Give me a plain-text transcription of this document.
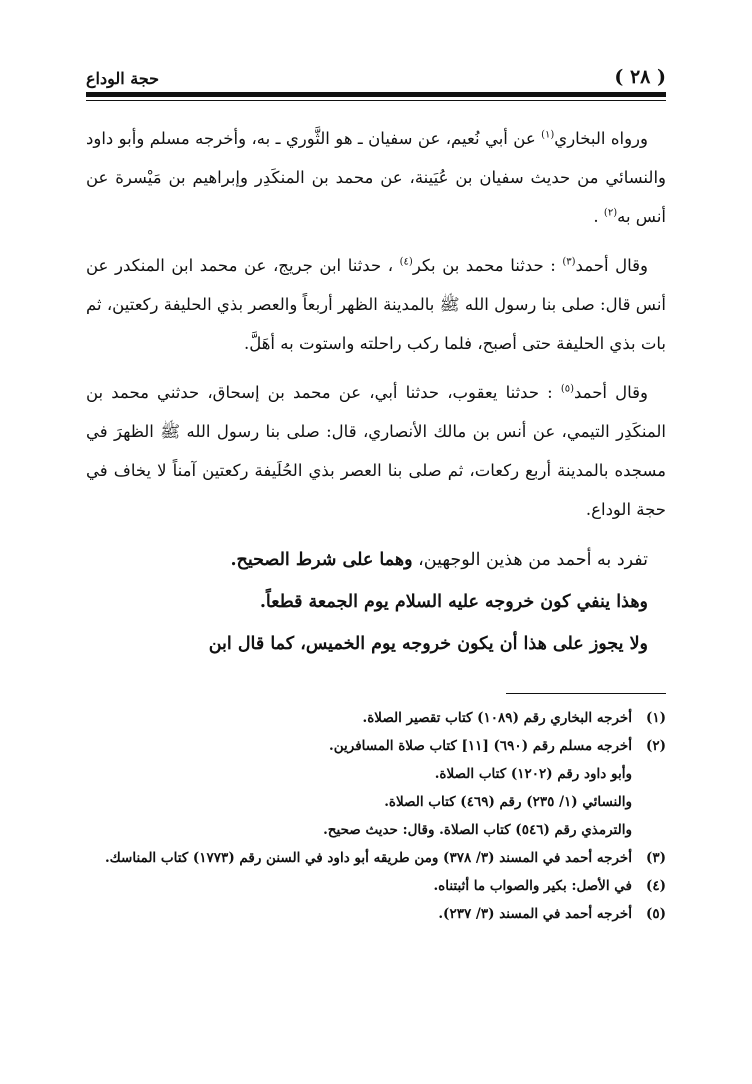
( ٢٨ )
حجة الوداع

ورواه البخاري$^{(١)}$ عن أبي نُعيم، عن سفيان ـ هو الثَّوري ـ به، وأخرجه مسلم وأبو داود والنسائي من حديث سفيان بن عُيَينة، عن محمد بن المنكَدِر وإبراهيم بن مَيْسرة عن أنس به$^{(٢)}$ .

وقال أحمد$^{(٣)}$ : حدثنا محمد بن بكر$^{(٤)}$ ، حدثنا ابن جريج، عن محمد ابن المنكدر عن أنس قال: صلى بنا رسول الله ﷺ بالمدينة الظهر أربعاً والعصر بذي الحليفة ركعتين، ثم بات بذي الحليفة حتى أصبح، فلما ركب راحلته واستوت به أهَلَّ.

وقال أحمد$^{(٥)}$ : حدثنا يعقوب، حدثنا أبي، عن محمد بن إسحاق، حدثني محمد بن المنكَدِر التيمي، عن أنس بن مالك الأنصاري، قال: صلى بنا رسول الله ﷺ الظهرَ في مسجده بالمدينة أربع ركعات، ثم صلى بنا العصر بذي الحُلَيفة ركعتين آمناً لا يخاف في حجة الوداع.

تفرد به أحمد من هذين الوجهين، وهما على شرط الصحيح.

وهذا ينفي كون خروجه عليه السلام يوم الجمعة قطعاً.

ولا يجوز على هذا أن يكون خروجه يوم الخميس، كما قال ابن

(١)
أخرجه البخاري رقم (١٠٨٩) كتاب تقصير الصلاة.
(٢)
أخرجه مسلم رقم (٦٩٠) [١١] كتاب صلاة المسافرين.
وأبو داود رقم (١٢٠٢) كتاب الصلاة.
والنسائي (١/ ٢٣٥) رقم (٤٦٩) كتاب الصلاة.
والترمذي رقم (٥٤٦) كتاب الصلاة. وقال: حديث صحيح.
(٣)
أخرجه أحمد في المسند (٣/ ٣٧٨) ومن طريقه أبو داود في السنن رقم (١٧٧٣) كتاب المناسك.
(٤)
في الأصل: بكير والصواب ما أثبتناه.
(٥)
أخرجه أحمد في المسند (٣/ ٢٣٧).
